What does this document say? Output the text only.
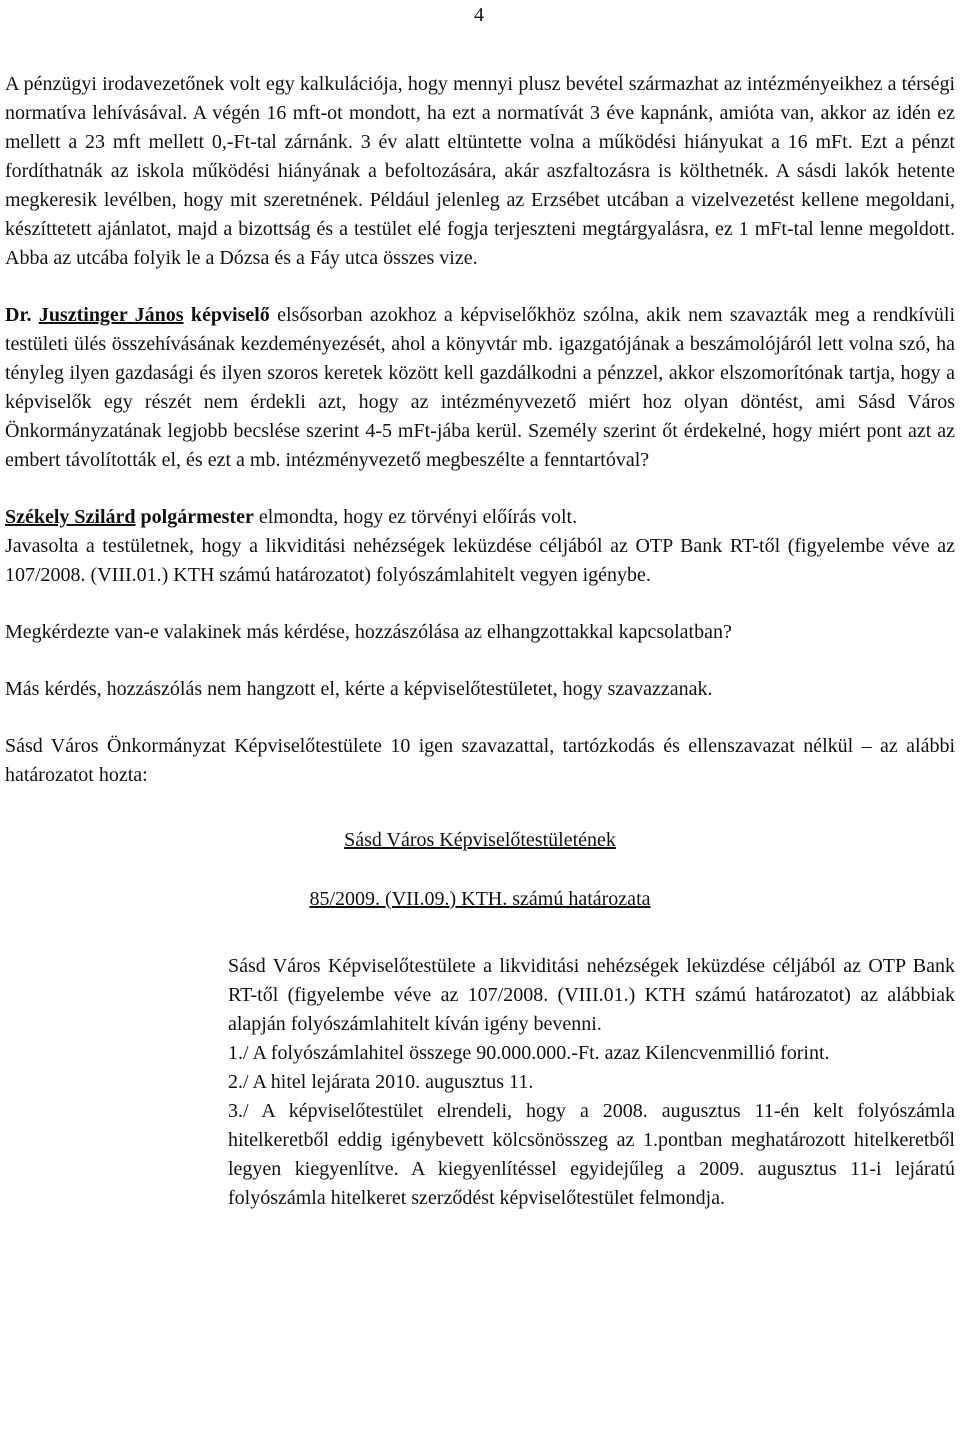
4

A pénzügyi irodavezetőnek volt egy kalkulációja, hogy mennyi plusz bevétel származhat az intézményeikhez a térségi normatíva lehívásával. A végén 16 mft-ot mondott, ha ezt a normatívát 3 éve kapnánk, amióta van, akkor az idén ez mellett a 23 mft mellett 0,-Ft-tal zárnánk. 3 év alatt eltüntette volna a működési hiányukat a 16 mFt. Ezt a pénzt fordíthatnák az iskola működési hiányának a befoltozására, akár aszfaltozásra is költhetnék. A sásdi lakók hetente megkeresik levélben, hogy mit szeretnének. Például jelenleg az Erzsébet utcában a vizelvezetést kellene megoldani, készíttetett ajánlatot, majd a bizottság és a testület elé fogja terjeszteni megtárgyalásra, ez 1 mFt-tal lenne megoldott. Abba az utcába folyik le a Dózsa és a Fáy utca összes vize.

Dr. Jusztinger János képviselő elsősorban azokhoz a képviselőkhöz szólna, akik nem szavazták meg a rendkívüli testületi ülés összehívásának kezdeményezését, ahol a könyvtár mb. igazgatójának a beszámolójáról lett volna szó, ha tényleg ilyen gazdasági és ilyen szoros keretek között kell gazdálkodni a pénzzel, akkor elszomorítónak tartja, hogy a képviselők egy részét nem érdekli azt, hogy az intézményvezető miért hoz olyan döntést, ami Sásd Város Önkormányzatának legjobb becslése szerint 4-5 mFt-jába kerül. Személy szerint őt érdekelné, hogy miért pont azt az embert távolították el, és ezt a mb. intézményvezető megbeszélte a fenntartóval?

Székely Szilárd polgármester elmondta, hogy ez törvényi előírás volt.

Javasolta a testületnek, hogy a likviditási nehézségek leküzdése céljából az OTP Bank RT-től (figyelembe véve az 107/2008. (VIII.01.) KTH számú határozatot) folyószámlahitelt vegyen igénybe.

Megkérdezte van-e valakinek más kérdése, hozzászólása az elhangzottakkal kapcsolatban?

Más kérdés, hozzászólás nem hangzott el, kérte a képviselőtestületet, hogy szavazzanak.

Sásd Város Önkormányzat Képviselőtestülete 10 igen szavazattal, tartózkodás és ellenszavazat nélkül – az alábbi határozatot hozta:

Sásd Város Képviselőtestületének

85/2009. (VII.09.) KTH. számú határozata

Sásd Város Képviselőtestülete a likviditási nehézségek leküzdése céljából az OTP Bank RT-től (figyelembe véve az 107/2008. (VIII.01.) KTH számú határozatot) az alábbiak alapján folyószámlahitelt kíván igény bevenni.

1./ A folyószámlahitel összege 90.000.000.-Ft. azaz Kilencvenmillió forint.

2./ A hitel lejárata 2010. augusztus 11.

3./ A képviselőtestület elrendeli, hogy a 2008. augusztus 11-én kelt folyószámla hitelkeretből eddig igénybevett kölcsönösszeg az 1.pontban meghatározott hitelkeretből legyen kiegyenlítve. A kiegyenlítéssel egyidejűleg a 2009. augusztus 11-i lejáratú folyószámla hitelkeret szerződést képviselőtestület felmondja.
